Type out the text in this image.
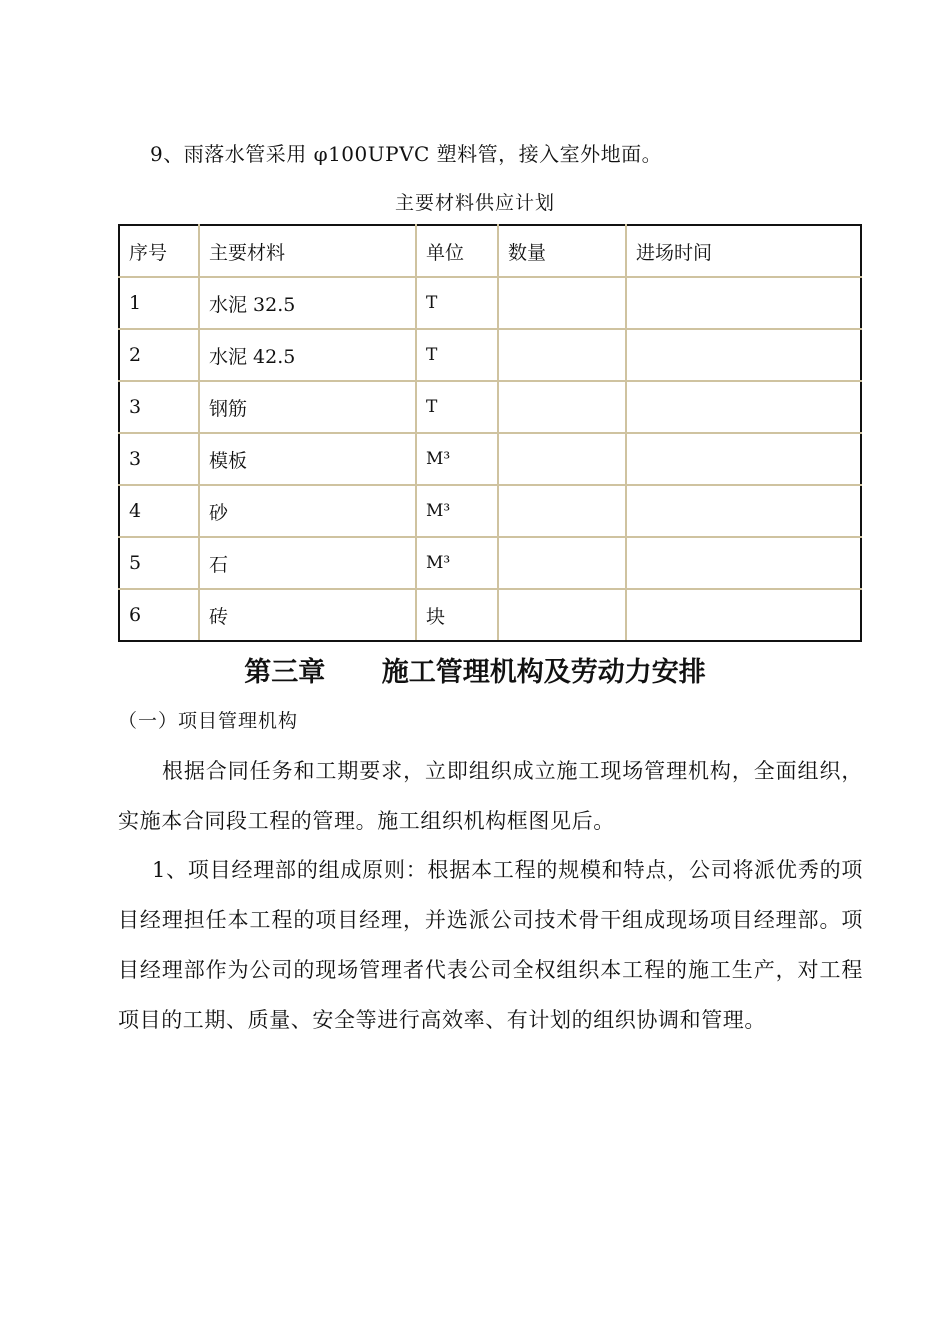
9、雨落水管采用 φ100UPVC 塑料管，接入室外地面。
主要材料供应计划
序号	主要材料	单位	数量	进场时间
1	水泥 32.5	T		
2	水泥 42.5	T		
3	钢筋	T		
3	模板	M³		
4	砂	M³		
5	石	M³		
6	砖	块		
第三章      施工管理机构及劳动力安排
（一）项目管理机构
根据合同任务和工期要求，立即组织成立施工现场管理机构，全面组织，实施本合同段工程的管理。施工组织机构框图见后。
1、项目经理部的组成原则：根据本工程的规模和特点，公司将派优秀的项目经理担任本工程的项目经理，并选派公司技术骨干组成现场项目经理部。项目经理部作为公司的现场管理者代表公司全权组织本工程的施工生产，对工程项目的工期、质量、安全等进行高效率、有计划的组织协调和管理。
